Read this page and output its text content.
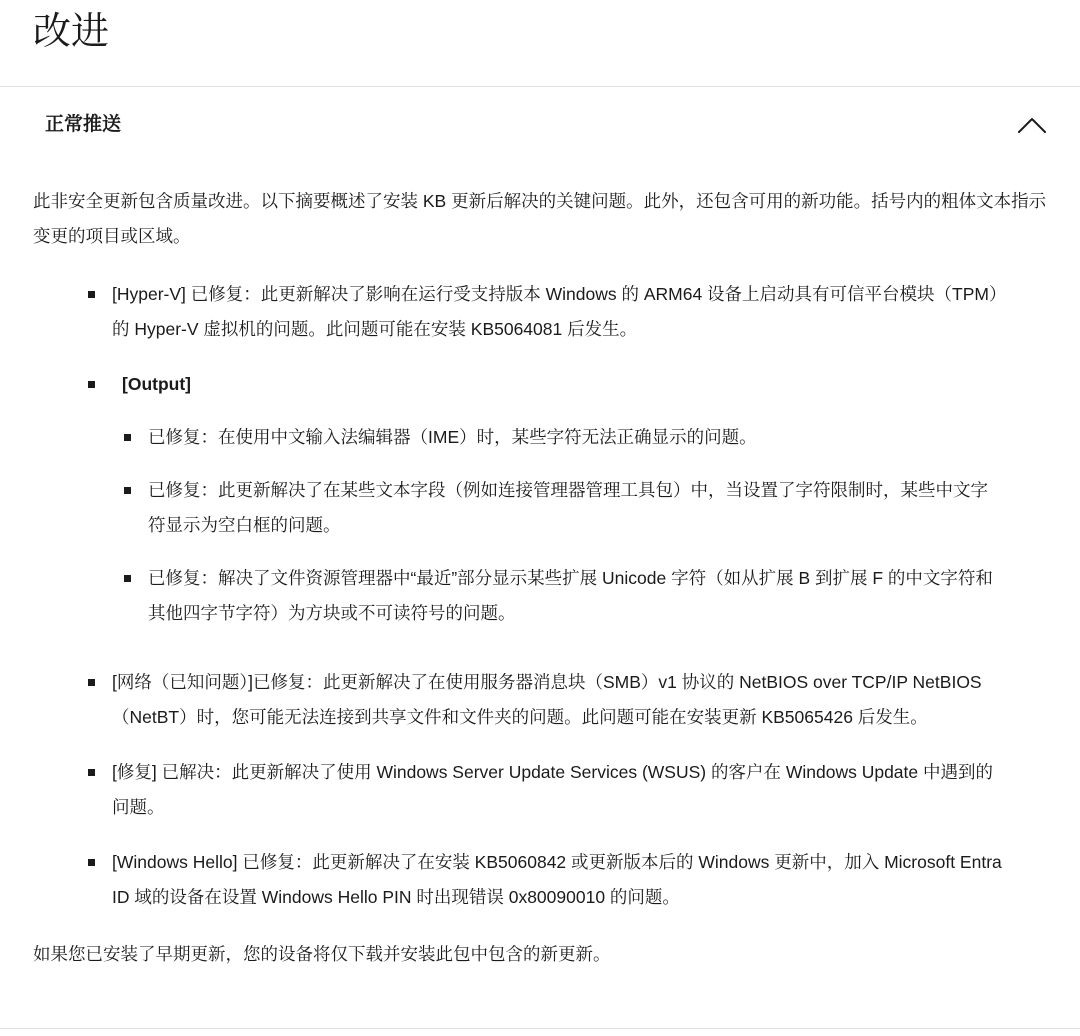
改进
正常推送

此非安全更新包含质量改进。以下摘要概述了安装 KB 更新后解决的关键问题。此外，还包含可用的新功能。括号内的粗体文本指示变更的项目或区域。

[Hyper-V] 已修复：此更新解决了影响在运行受支持版本 Windows 的 ARM64 设备上启动具有可信平台模块（TPM）的 Hyper-V 虚拟机的问题。此问题可能在安装 KB5064081 后发生。
[Output]
已修复：在使用中文输入法编辑器（IME）时，某些字符无法正确显示的问题。
已修复：此更新解决了在某些文本字段（例如连接管理器管理工具包）中，当设置了字符限制时，某些中文字符显示为空白框的问题。
已修复：解决了文件资源管理器中“最近”部分显示某些扩展 Unicode 字符（如从扩展 B 到扩展 F 的中文字符和其他四字节字符）为方块或不可读符号的问题。
[网络（已知问题）]已修复：此更新解决了在使用服务器消息块（SMB）v1 协议的 NetBIOS over TCP/IP NetBIOS（NetBT）时，您可能无法连接到共享文件和文件夹的问题。此问题可能在安装更新 KB5065426 后发生。
[修复] 已解决：此更新解决了使用 Windows Server Update Services (WSUS) 的客户在 Windows Update 中遇到的问题。
[Windows Hello] 已修复：此更新解决了在安装 KB5060842 或更新版本后的 Windows 更新中，加入 Microsoft Entra ID 域的设备在设置 Windows Hello PIN 时出现错误 0x80090010 的问题。

如果您已安装了早期更新，您的设备将仅下载并安装此包中包含的新更新。
